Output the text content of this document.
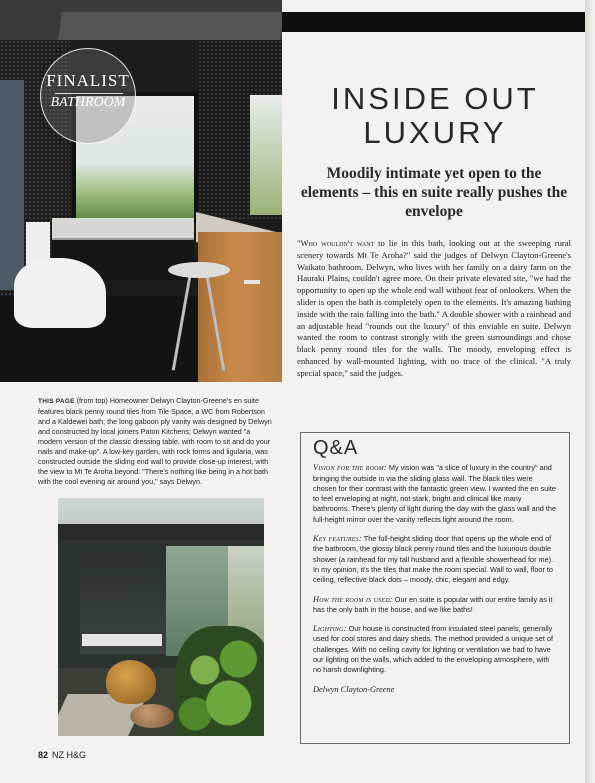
FINALIST
BATHROOM
THIS PAGE (from top) Homeowner Delwyn Clayton-Greene's en suite features black penny round tiles from Tile Space, a WC from Robertson and a Kaldewei bath; the long gaboon ply vanity was designed by Delwyn and constructed by local joiners Paton Kitchens; Delwyn wanted "a modern version of the classic dressing table, with room to sit and do your nails and make-up". A low-key garden, with rock forms and ligularia, was constructed outside the sliding end wall to provide close-up interest, with the view to Mt Te Aroha beyond: "There's nothing like being in a hot bath with the cool evening air around you," says Delwyn.
82 NZ H&G
INSIDE OUT
LUXURY
Moodily intimate yet open to the elements – this en suite really pushes the envelope
"Who wouldn't want to lie in this bath, looking out at the sweeping rural scenery towards Mt Te Aroha?" said the judges of Delwyn Clayton-Greene's Waikato bathroom. Delwyn, who lives with her family on a dairy farm on the Hauraki Plains, couldn't agree more. On their private elevated site, "we had the opportunity to open up the whole end wall without fear of onlookers. When the slider is open the bath is completely open to the elements. It's amazing bathing inside with the rain falling into the bath." A double shower with a rainhead and an adjustable head "rounds out the luxury" of this enviable en suite. Delwyn wanted the room to contrast strongly with the green surroundings and chose black penny round tiles for the walls. The moody, enveloping effect is enhanced by wall-mounted lighting, with no trace of the clinical. "A truly special space," said the judges.
Q&A

Vision for the room: My vision was "a slice of luxury in the country" and bringing the outside in via the sliding glass wall. The black tiles were chosen for their contrast with the fantastic green view. I wanted the en suite to feel enveloping at night, not stark, bright and clinical like many bathrooms. There's plenty of light during the day with the glass wall and the full-height mirror over the vanity reflects light around the room.

Key features: The full-height sliding door that opens up the whole end of the bathroom, the glossy black penny round tiles and the luxurious double shower (a rainhead for my tall husband and a flexible showerhead for me). In my opinion, it's the tiles that make the room special. Wall to wall, floor to ceiling, reflective black dots – moody, chic, elegant and edgy.

How the room is used: Our en suite is popular with our entire family as it has the only bath in the house, and we like baths!

Lighting: Our house is constructed from insulated steel panels, generally used for cool stores and dairy sheds. The method provided a unique set of challenges. With no ceiling cavity for lighting or ventilation we had to have our lighting on the walls, which added to the enveloping atmosphere, with no harsh downlighting.

Delwyn Clayton-Greene
